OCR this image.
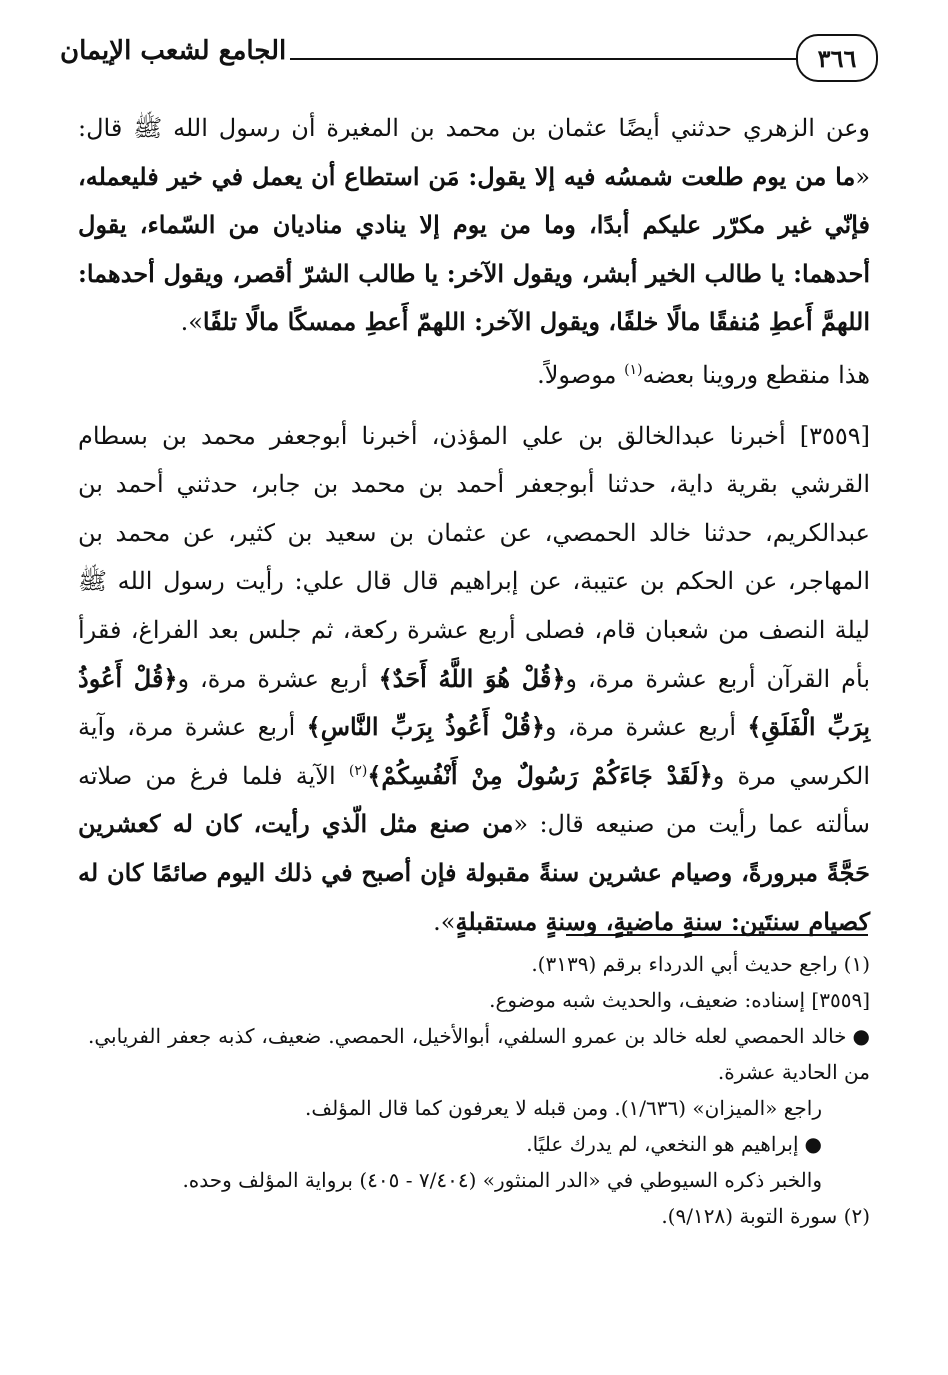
٣٦٦
الجامع لشعب الإيمان

وعن الزهري حدثني أيضًا عثمان بن محمد بن المغيرة أن رسول الله ﷺ قال: «ما من يوم طلعت شمسُه فيه إلا يقول: مَن استطاع أن يعمل في خير فليعمله، فإنّي غير مكرّر عليكم أبدًا، وما من يوم إلا ينادي مناديان من السّماء، يقول أحدهما: يا طالب الخير أبشر، ويقول الآخر: يا طالب الشرّ أقصر، ويقول أحدهما: اللهمَّ أَعطِ مُنفقًا مالًا خلفًا، ويقول الآخر: اللهمّ أَعطِ ممسكًا مالًا تلفًا».

هذا منقطع وروينا بعضه$^{(١)}$ موصولاً.

[٣٥٥٩] أخبرنا عبدالخالق بن علي المؤذن، أخبرنا أبوجعفر محمد بن بسطام القرشي بقرية داية، حدثنا أبوجعفر أحمد بن محمد بن جابر، حدثني أحمد بن عبدالكريم، حدثنا خالد الحمصي، عن عثمان بن سعيد بن كثير، عن محمد بن المهاجر، عن الحكم بن عتيبة، عن إبراهيم قال قال علي: رأيت رسول الله ﷺ ليلة النصف من شعبان قام، فصلى أربع عشرة ركعة، ثم جلس بعد الفراغ، فقرأ بأم القرآن أربع عشرة مرة، و﴿قُلْ هُوَ اللَّهُ أَحَدٌ﴾ أربع عشرة مرة، و﴿قُلْ أَعُوذُ بِرَبِّ الْفَلَقِ﴾ أربع عشرة مرة، و﴿قُلْ أَعُوذُ بِرَبِّ النَّاسِ﴾ أربع عشرة مرة، وآية الكرسي مرة و﴿لَقَدْ جَاءَكُمْ رَسُولٌ مِنْ أَنْفُسِكُمْ﴾$^{(٢)}$ الآية فلما فرغ من صلاته سألته عما رأيت من صنيعه قال: «من صنع مثل الّذي رأيت، كان له كعشرين حَجَّةً مبرورةً، وصيام عشرين سنةً مقبولة فإن أصبح في ذلك اليوم صائمًا كان له كصيام سنتَين: سنةٍ ماضيةٍ، وسنةٍ مستقبلةٍ».

(١) راجع حديث أبي الدرداء برقم (٣١٣٩).

[٣٥٥٩] إسناده: ضعيف، والحديث شبه موضوع.

●خالد الحمصي لعله خالد بن عمرو السلفي، أبوالأخيل، الحمصي. ضعيف، كذبه جعفر الفريابي. من الحادية عشرة.

راجع «الميزان» (١/٦٣٦). ومن قبله لا يعرفون كما قال المؤلف.

●إبراهيم هو النخعي، لم يدرك عليًا.

والخبر ذكره السيوطي في «الدر المنثور» (٧/٤٠٤ - ٤٠٥) برواية المؤلف وحده.

(٢) سورة التوبة (٩/١٢٨).
